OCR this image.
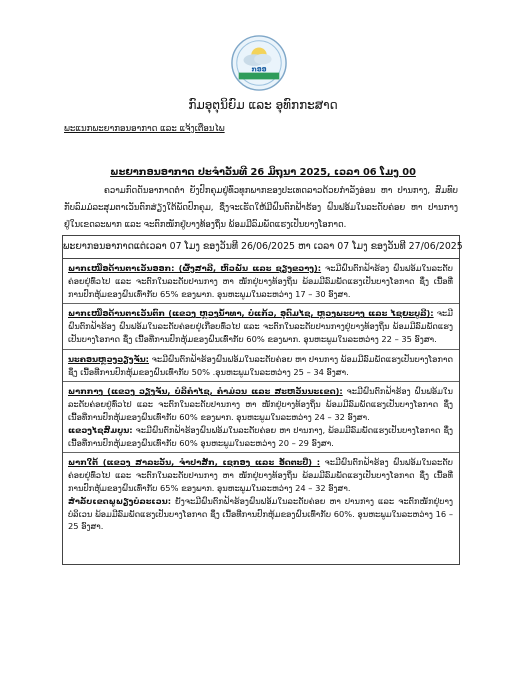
ກອອ
ກົມອຸຕຸນິຍົມ ແລະ ອຸທົກກະສາດ
ພະແນກພະຍາກອນອາກາດ ແລະ ແຈ້ງເຕືອນໄພ
ພະຍາກອນອາກາດ ປະຈຳວັນທີ 26 ມິຖຸນາ 2025, ເວລາ 06 ໂມງ 00
ຄວາມກົດດັນອາກາດຕ່ຳ ຍັງປົກຄຸມຢູ່ທົ່ວທຸກພາກຂອງປະເທດລາວດ້ວຍກຳລັງອ່ອນ ຫາ ປານກາງ, ສົມທົບກັບລົມມໍລະສຸມຕາເວັນຕົກສ່ຽງໃຕ້ພັດປົກຄຸມ, ຊຶ່ງຈະເຮັດໃຫ້ມີຝົນຕົກຟ້າຮ້ອງ ຝົນຟອ້ມໃນລະດັບຄ່ອຍ ຫາ ປານກາງຢູ່ໃນເຂດລະພາກ ແລະ ຈະຕົກໜັກຢູ່ບາງທ້ອງຖິ່ນ ພ້ອມມີລົມພັດແຮງເປັນບາງໂອກາດ.
ພະຍາກອນອາກາດແຕ່ເວລາ 07 ໂມງ ຂອງວັນທີ 26/06/2025 ຫາ ເວລາ 07 ໂມງ ຂອງວັນທີ 27/06/2025
ພາກເໜືອດ້ານຕາເວັນອອກ: (ຜົ້ງສາລີ, ຫົວພັນ ແລະ ຊຽງຂວາງ): ຈະມີຝົນຕົກຟ້າຮ້ອງ ຝົນຟອ້ມໃນລະດັບຄ່ອຍຢູ່ທົ່ວໄປ ແລະ ຈະຕົກໃນລະດັບປານກາງ ຫາ ໜັກຢູ່ບາງທ້ອງຖິ່ນ ພ້ອມມີລົມພັດແຮງເປັນບາງໂອກາດ ຊຶ່ງ ເນື້ອທີ່ການປົກຫຸ້ມຂອງຝົນເທົ່າກັບ 65% ຂອງພາກ. ອຸນຫະພູມໃນລະຫວ່າງ 17 – 30 ອົງສາ.
ພາກເໜືອດ້ານຕາເວັນຕົກ (ແຂວງ ຫຼວງນ້ຳທາ, ບໍ່ແກ້ວ, ອຸດົມໄຊ, ຫຼວງພະບາງ ແລະ ໄຊຍະບູລີ): ຈະມີຝົນຕົກຟ້າຮ້ອງ ຝົນຟອ້ມໃນລະດັບຄ່ອຍຢູ່ເກືອບທົ່ວໄປ ແລະ ຈະຕົກໃນລະດັບປານກາງຢູ່ບາງທ້ອງຖິ່ນ ພ້ອມມີລົມພັດແຮງເປັນບາງໂອກາດ ຊຶ່ງ ເນື້ອທີ່ການປົກຫຸ້ມຂອງຝົນເທົ່າກັບ 60% ຂອງພາກ. ອຸນຫະພູມໃນລະຫວ່າງ 22 – 35 ອົງສາ.
ນະຄອນຫຼວງວຽງຈັນ: ຈະມີຝົນຕົກຟ້າຮ້ອງຝົນຟອ້ມໃນລະດັບຄ່ອຍ ຫາ ປານກາງ ພ້ອມມີລົມພັດແຮງເປັນບາງໂອກາດ ຊຶ່ງ ເນື້ອທີ່ການປົກຫຸ້ມຂອງຝົນເທົ່າກັບ 50% .ອຸນຫະພູມໃນລະຫວ່າງ 25 – 34 ອົງສາ.
ພາກກາງ (ແຂວງ ວຽງຈັນ, ບໍລິຄຳໄຊ, ຄຳມ່ວນ ແລະ ສະຫວັນນະເຂດ): ຈະມີຝົນຕົກຟ້າຮ້ອງ ຝົນຟອ້ມໃນລະດັບຄ່ອຍຢູ່ທົ່ວໄປ ແລະ ຈະຕົກໃນລະດັບປານກາງ ຫາ ໜັກຢູ່ບາງທ້ອງຖິ່ນ ພ້ອມມີລົມພັດແຮງເປັນບາງໂອກາດ ຊຶ່ງ ເນື້ອທີ່ການປົກຫຸ້ມຂອງຝົນເທົ່າກັບ 60% ຂອງພາກ. ອຸນຫະພູມໃນລະຫວ່າງ 24 – 32 ອົງສາ.
ແຂວງໄຊສົມບູນ: ຈະມີຝົນຕົກຟ້າຮ້ອງຝົນຟອ້ມໃນລະດັບຄ່ອຍ ຫາ ປານກາງ, ພ້ອມມີລົມພັດແຮງເປັນບາງໂອກາດ ຊຶ່ງ ເນື້ອທີ່ການປົກຫຸ້ມຂອງຝົນເທົ່າກັບ 60% ອຸນຫະພູມໃນລະຫວ່າງ 20 – 29 ອົງສາ.
ພາກໃຕ້ (ແຂວງ ສາລະວັນ, ຈຳປາສັກ, ເຊກອງ ແລະ ອັດຕະປື) : ຈະມີຝົນຕົກຟ້າຮ້ອງ ຝົນຟອ້ມໃນລະດັບຄ່ອຍຢູ່ທົ່ວໄປ ແລະ ຈະຕົກໃນລະດັບປານກາງ ຫາ ໜັກຢູ່ບາງທ້ອງຖິ່ນ ພ້ອມມີລົມພັດແຮງເປັນບາງໂອກາດ ຊຶ່ງ ເນື້ອທີ່ການປົກຫຸ້ມຂອງຝົນເທົ່າກັບ 65% ຂອງພາກ. ອຸນຫະພູມໃນລະຫວ່າງ 24 – 32 ອົງສາ.
ສຳລັບເຂດພູພຽງບໍລະເວນ: ຍັງຈະມີຝົນຕົກຟ້າຮ້ອງຝົນຟອ້ມໃນລະດັບຄ່ອຍ ຫາ ປານກາງ ແລະ ຈະຕົກໜັກຢູ່ບາງບໍລິເວນ ພ້ອມມີລົມພັດແຮງເປັນບາງໂອກາດ ຊຶ່ງ ເນື້ອທີ່ການປົກຫຸ້ມຂອງຝົນເທົ່າກັບ 60%. ອຸນຫະພູມໃນລະຫວ່າງ 16 – 25 ອົງສາ.
